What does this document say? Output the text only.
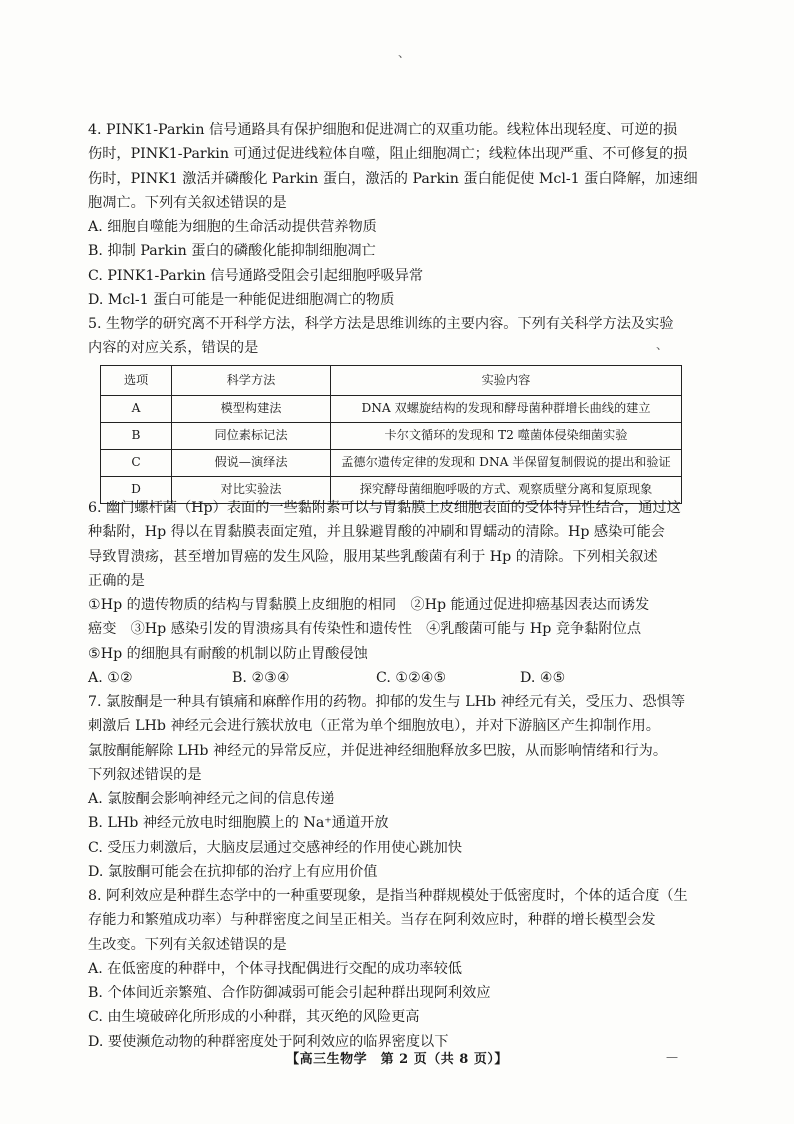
、
、
—
4. PINK1-Parkin 信号通路具有保护细胞和促进凋亡的双重功能。线粒体出现轻度、可逆的损
伤时，PINK1-Parkin 可通过促进线粒体自噬，阻止细胞凋亡；线粒体出现严重、不可修复的损
伤时，PINK1 激活并磷酸化 Parkin 蛋白，激活的 Parkin 蛋白能促使 Mcl-1 蛋白降解，加速细
胞凋亡。下列有关叙述错误的是

A. 细胞自噬能为细胞的生命活动提供营养物质

B. 抑制 Parkin 蛋白的磷酸化能抑制细胞凋亡

C. PINK1-Parkin 信号通路受阻会引起细胞呼吸异常

D. Mcl-1 蛋白可能是一种能促进细胞凋亡的物质

5. 生物学的研究离不开科学方法，科学方法是思维训练的主要内容。下列有关科学方法及实验
内容的对应关系，错误的是
选项	科学方法	实验内容
A	模型构建法	DNA 双螺旋结构的发现和酵母菌种群增长曲线的建立
B	同位素标记法	卡尔文循环的发现和 T2 噬菌体侵染细菌实验
C	假说—演绎法	孟德尔遗传定律的发现和 DNA 半保留复制假说的提出和验证
D	对比实验法	探究酵母菌细胞呼吸的方式、观察质壁分离和复原现象
6. 幽门螺杆菌（Hp）表面的一些黏附素可以与胃黏膜上皮细胞表面的受体特异性结合，通过这
种黏附，Hp 得以在胃黏膜表面定殖，并且躲避胃酸的冲刷和胃蠕动的清除。Hp 感染可能会
导致胃溃疡，甚至增加胃癌的发生风险，服用某些乳酸菌有利于 Hp 的清除。下列相关叙述
正确的是
①Hp 的遗传物质的结构与胃黏膜上皮细胞的相同　②Hp 能通过促进抑癌基因表达而诱发
癌变　③Hp 感染引发的胃溃疡具有传染性和遗传性　④乳酸菌可能与 Hp 竞争黏附位点
⑤Hp 的细胞具有耐酸的机制以防止胃酸侵蚀
A. ①②	B. ②③④	C. ①②④⑤	D. ④⑤
7. 氯胺酮是一种具有镇痛和麻醉作用的药物。抑郁的发生与 LHb 神经元有关，受压力、恐惧等
刺激后 LHb 神经元会进行簇状放电（正常为单个细胞放电），并对下游脑区产生抑制作用。
氯胺酮能解除 LHb 神经元的异常反应，并促进神经细胞释放多巴胺，从而影响情绪和行为。
下列叙述错误的是

A. 氯胺酮会影响神经元之间的信息传递

B. LHb 神经元放电时细胞膜上的 Na⁺通道开放

C. 受压力刺激后，大脑皮层通过交感神经的作用使心跳加快

D. 氯胺酮可能会在抗抑郁的治疗上有应用价值

8. 阿利效应是种群生态学中的一种重要现象，是指当种群规模处于低密度时，个体的适合度（生
存能力和繁殖成功率）与种群密度之间呈正相关。当存在阿利效应时，种群的增长模型会发
生改变。下列有关叙述错误的是

A. 在低密度的种群中，个体寻找配偶进行交配的成功率较低

B. 个体间近亲繁殖、合作防御减弱可能会引起种群出现阿利效应

C. 由生境破碎化所形成的小种群，其灭绝的风险更高

D. 要使濒危动物的种群密度处于阿利效应的临界密度以下

【高三生物学　第 2 页（共 8 页）】
